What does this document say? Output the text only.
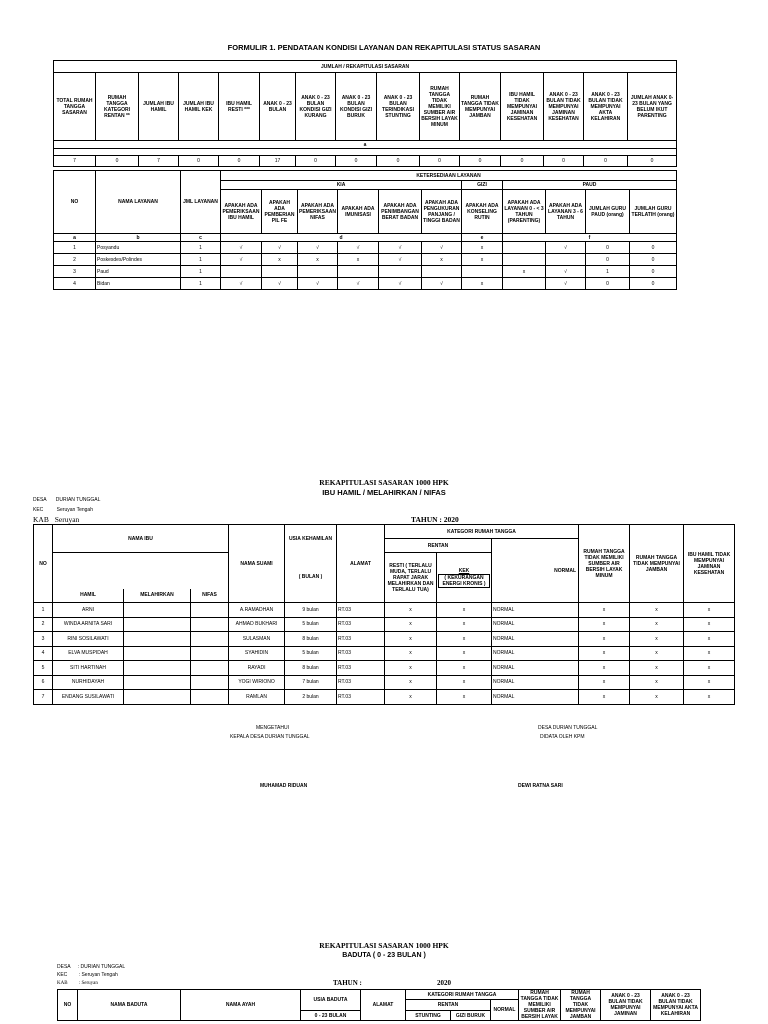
FORMULIR 1. PENDATAAN KONDISI LAYANAN DAN REKAPITULASI STATUS SASARAN
JUMLAH / REKAPITULASI SASARAN														
TOTAL RUMAH TANGGA SASARAN	RUMAH TANGGA KATEGORI RENTAN **	JUMLAH IBU HAMIL	JUMLAH IBU HAMIL KEK	IBU HAMIL RESTI ***	ANAK 0 - 23 BULAN	ANAK 0 - 23 BULAN KONDISI GIZI KURANG	ANAK 0 - 23 BULAN KONDISI GIZI BURUK	ANAK 0 - 23 BULAN TERINDIKASI STUNTING	RUMAH TANGGA TIDAK MEMILIKI SUMBER AIR BERSIH LAYAK MINUM	RUMAH TANGGA TIDAK MEMPUNYAI JAMBAN	IBU HAMIL TIDAK MEMPUNYAI JAMINAN KESEHATAN	ANAK 0 - 23 BULAN TIDAK MEMPUNYAI JAMINAN KESEHATAN	ANAK 0 - 23 BULAN TIDAK MEMPUNYAI AKTA KELAHIRAN	JUMLAH ANAK 0-23 BULAN YANG BELUM IKUT PARENTING
a														

7	0	7	0	0	17	0	0	0	0	0	0	0	0	0
NO	NAMA LAYANAN	JML LAYANAN	KETERSEDIAAN LAYANAN										
			KIA						GIZI	PAUD			
			APAKAH ADA PEMERIKSAAN IBU HAMIL	APAKAH ADA PEMBERIAN PIL FE	APAKAH ADA PEMERIKSAAN NIFAS	APAKAH ADA IMUNISASI	APAKAH ADA PENIMBANGAN BERAT BADAN	APAKAH ADA PENGUKURAN PANJANG / TINGGI BADAN	APAKAH ADA KONSELING RUTIN	APAKAH ADA LAYANAN 0 - < 3 TAHUN (PARENTING)	APAKAH ADA LAYANAN 3 - 6 TAHUN	JUMLAH GURU PAUD (orang)	JUMLAH GURU TERLATIH (orang)
a	b	c	d						e	f			
1	Posyandu	1	√	√	√	√	√	√	x		√	0	0
2	Poskesdes/Polindes	1	√	x	x	x	√	x	x			0	0
3	Paud	1								x	√	1	0
4	Bidan	1	√	√	√	√	√	√	x		√	0	0
REKAPITULASI SASARAN 1000 HPK
IBU HAMIL / MELAHIRKAN / NIFAS
DESA DURIAN TUNGGAL
KEC	Seruyan Tengah
KAB Seruyan	TAHUN : 2020
NO	NAMA IBU			NAMA SUAMI	USIA KEHAMILAN	ALAMAT	KATEGORI RUMAH TANGGA			RUMAH TANGGA TIDAK MEMILIKI SUMBER AIR BERSIH LAYAK MINUM	RUMAH TANGGA TIDAK MEMPUNYAI JAMBAN	IBU HAMIL TIDAK MEMPUNYAI JAMINAN KESEHATAN
							RENTAN		NORMAL			
					( BULAN )		RESTI ( TERLALU MUDA, TERLALU RAPAT JARAK MELAHIRKAN DAN TERLALU TUA)	KEK
( KEKURANGAN ENERGI KRONIS )				
	HAMIL	MELAHIRKAN	NIFAS									
1	ARNI			A.RAMADHAN	9 bulan	RT.03	x	x	NORMAL	x	x	x
2	WINDA ARNITA SARI			AHMAD BUKHARI	5 bulan	RT.03	x	x	NORMAL	x	x	x
3	RINI SOSILAWATI			SULASMAN	8 bulan	RT.03	x	x	NORMAL	x	x	x
4	ELVA MUSPIDAH			SYAHIDIN	5 bulan	RT.03	x	x	NORMAL	x	x	x
5	SITI HARTINAH			RAYADI	8 bulan	RT.03	x	x	NORMAL	x	x	x
6	NURHIDAYAH			YOGI WIRIONO	7 bulan	RT.03	x	x	NORMAL	x	x	x
7	ENDANG SUSILAWATI			RAMLAN	2 bulan	RT.03	x	x	NORMAL	x	x	x
MENGETAHUI
KEPALA DESA DURIAN TUNGGAL
MUHAMAD RIDUAN
DESA DURIAN TUNGGAL
DIDATA OLEH KPM
DEWI RATNA SARI
REKAPITULASI SASARAN 1000 HPK
BADUTA ( 0 - 23 BULAN )
DESA : DURIAN TUNGGAL
KEC : Seruyan Tengah
KAB : Seruyan	TAHUN :	2020
NO	NAMA BADUTA	NAMA AYAH	USIA BADUTA	ALAMAT	KATEGORI RUMAH TANGGA			RUMAH TANGGA TIDAK MEMILIKI SUMBER AIR BERSIH LAYAK	RUMAH TANGGA TIDAK MEMPUNYAI JAMBAN	ANAK 0 - 23 BULAN TIDAK MEMPUNYAI JAMINAN	ANAK 0 - 23 BULAN TIDAK MEMPUNYAI AKTA KELAHIRAN
					RENTAN		NORMAL				
			0 - 23 BULAN		STUNTING	GIZI BURUK					
